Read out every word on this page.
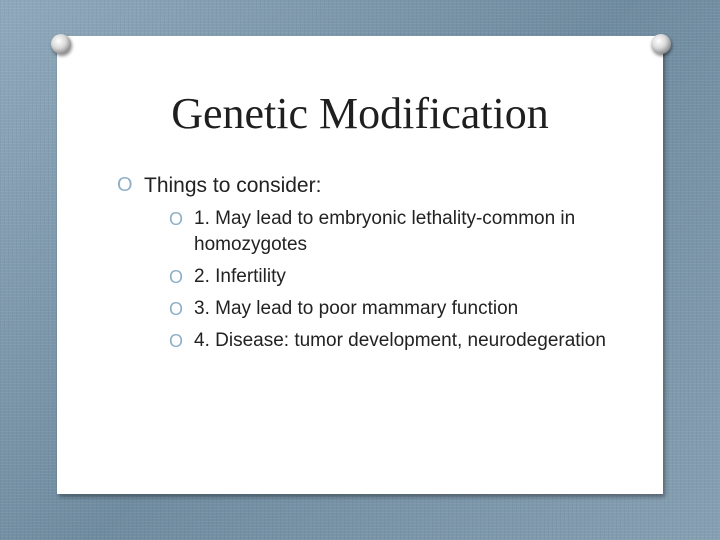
Genetic Modification
O Things to consider:
O 1. May lead to embryonic lethality-common in homozygotes
O 2. Infertility
O 3. May lead to poor mammary function
O 4. Disease: tumor development, neurodegeration
